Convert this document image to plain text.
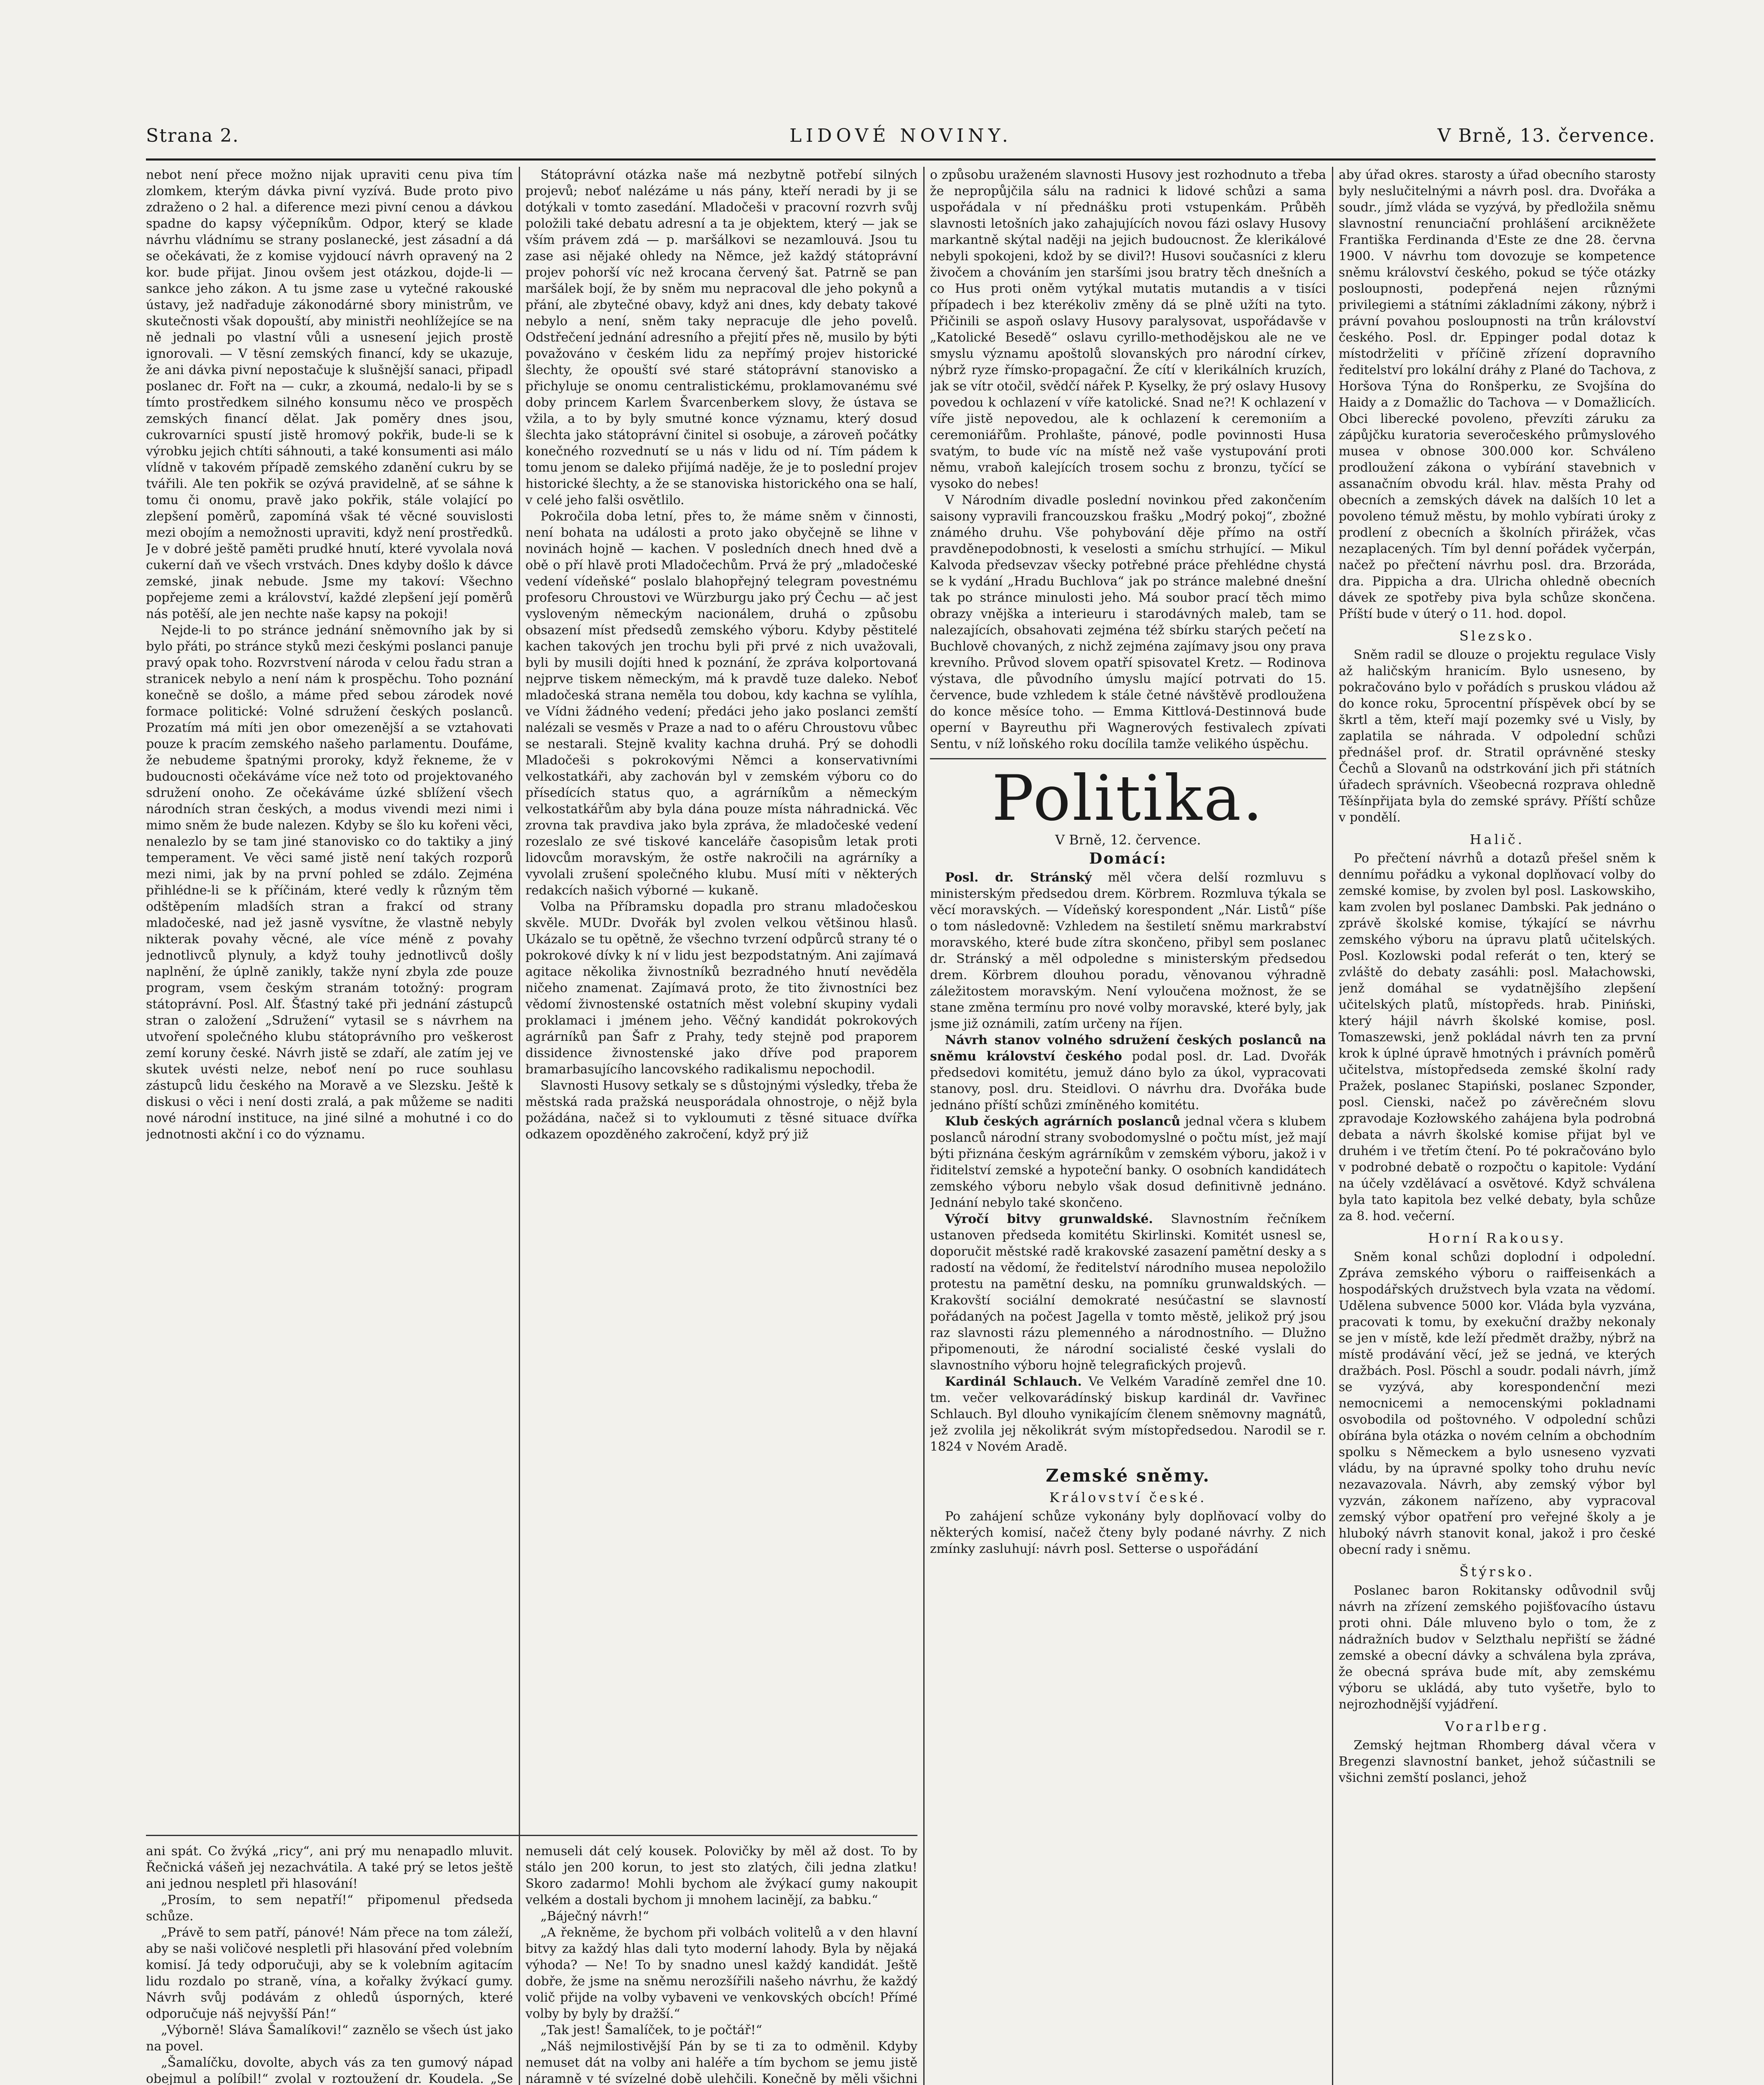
Strana 2.	LIDOVÉ NOVINY.	V Brně, 13. července.

nebot není přece možno nijak upraviti cenu piva tím zlomkem, kterým dávka pivní vyzívá. Bude proto pivo zdraženo o 2 hal. a diference mezi pivní cenou a dávkou spadne do kapsy výčepníkům. Odpor, který se klade návrhu vládnímu se strany poslanecké, jest zásadní a dá se očekávati, že z komise vyjdoucí návrh opravený na 2 kor. bude přijat. Jinou ovšem jest otázkou, dojde-li — sankce jeho zákon. A tu jsme zase u vytečné rakouské ústavy, jež nadřaduje zákonodárné sbory ministrům, ve skutečnosti však dopouští, aby ministři neohlížejíce se na ně jednali po vlastní vůli a usnesení jejich prostě ignorovali. — V těsní zemských financí, kdy se ukazuje, že ani dávka pivní nepostačuje k slušnější sanaci, připadl poslanec dr. Fořt na — cukr, a zkoumá, nedalo-li by se s tímto prostředkem silného konsumu něco ve prospěch zemských financí dělat. Jak poměry dnes jsou, cukrovarníci spustí jistě hromový pokřik, bude-li se k výrobku jejich chtíti sáhnouti, a také konsumenti asi málo vlídně v takovém případě zemského zdanění cukru by se tvářili. Ale ten pokřik se ozývá pravidelně, ať se sáhne k tomu či onomu, pravě jako pokřik, stále volající po zlepšení poměrů, zapomíná však té věcné souvislosti mezi obojím a nemožnosti upraviti, když není prostředků. Je v dobré ještě paměti prudké hnutí, které vyvolala nová cukerní daň ve všech vrstvách. Dnes kdyby došlo k dávce zemské, jinak nebude. Jsme my takoví: Všechno popřejeme zemi a království, každé zlepšení její poměrů nás potěší, ale jen nechte naše kapsy na pokoji!

Nejde-li to po stránce jednání sněmovního jak by si bylo přáti, po stránce styků mezi českými poslanci panuje pravý opak toho. Rozvrstvení národa v celou řadu stran a stranicek nebylo a není nám k prospěchu. Toho poznání konečně se došlo, a máme před sebou zárodek nové formace politické: Volné sdružení českých poslanců. Prozatím má míti jen obor omezenější a se vztahovati pouze k pracím zemského našeho parlamentu. Doufáme, že nebudeme špatnými proroky, když řekneme, že v budoucnosti očekáváme více než toto od projektovaného sdružení onoho. Ze očekáváme úzké sblížení všech národních stran českých, a modus vivendi mezi nimi i mimo sněm že bude nalezen. Kdyby se šlo ku kořeni věci, nenalezlo by se tam jiné stanovisko co do taktiky a jiný temperament. Ve věci samé jistě není takých rozporů mezi nimi, jak by na první pohled se zdálo. Zejména přihlédne-li se k příčinám, které vedly k různým těm odštěpením mladších stran a frakcí od strany mladočeské, nad jež jasně vysvítne, že vlastně nebyly nikterak povahy věcné, ale více méně z povahy jednotlivců plynuly, a když touhy jednotlivců došly naplnění, že úplně zanikly, takže nyní zbyla zde pouze program, vsem českým stranám totožný: program státoprávní. Posl. Alf. Šťastný také při jednání zástupců stran o založení „Sdružení“ vytasil se s návrhem na utvoření společného klubu státoprávního pro veškerost zemí koruny české. Návrh jistě se zdaří, ale zatím jej ve skutek uvésti nelze, neboť není po ruce souhlasu zástupců lidu českého na Moravě a ve Slezsku. Ještě k diskusi o věci i není dosti zralá, a pak můžeme se naditi nové národní instituce, na jiné silné a mohutné i co do jednotnosti akční i co do významu.

Státoprávní otázka naše má nezbytně potřebí silných projevů; neboť nalézáme u nás pány, kteří neradi by ji se dotýkali v tomto zasedání. Mladočeši v pracovní rozvrh svůj položili také debatu adresní a ta je objektem, který — jak se vším právem zdá — p. maršálkovi se nezamlouvá. Jsou tu zase asi nějaké ohledy na Němce, jež každý státoprávní projev pohorší víc než krocana červený šat. Patrně se pan maršálek bojí, že by sněm mu nepracoval dle jeho pokynů a přání, ale zbytečné obavy, když ani dnes, kdy debaty takové nebylo a není, sněm taky nepracuje dle jeho povelů. Odstřečení jednání adresního a přejití přes ně, musilo by býti považováno v českém lidu za nepřímý projev historické šlechty, že opouští své staré státoprávní stanovisko a přichyluje se onomu centralistickému, proklamovanému své doby princem Karlem Švarcenberkem slovy, že ústava se vžila, a to by byly smutné konce významu, který dosud šlechta jako státoprávní činitel si osobuje, a zároveň počátky konečného rozvednutí se u nás v lidu od ní. Tím pádem k tomu jenom se daleko přijímá naděje, že je to poslední projev historické šlechty, a že se stanoviska historického ona se halí, v celé jeho falši osvětlilo.

Pokročila doba letní, přes to, že máme sněm v činnosti, není bohata na události a proto jako obyčejně se lihne v novinách hojně — kachen. V posledních dnech hned dvě a obě o pří hlavě proti Mladočechům. Prvá že prý „mladočeské vedení vídeňské“ poslalo blahopřejný telegram povestnému profesoru Chroustovi ve Würzburgu jako prý Čechu — ač jest vysloveným německým nacionálem, druhá o způsobu obsazení míst předsedů zemského výboru. Kdyby pěstitelé kachen takových jen trochu byli při prvé z nich uvažovali, byli by musili dojíti hned k poznání, že zpráva kolportovaná nejprve tiskem německým, má k pravdě tuze daleko. Neboť mladočeská strana neměla tou dobou, kdy kachna se vylíhla, ve Vídni žádného vedení; předáci jeho jako poslanci zemští nalézali se vesměs v Praze a nad to o aféru Chroustovu vůbec se nestarali. Stejně kvality kachna druhá. Prý se dohodli Mladočeši s pokrokovými Němci a konservativními velkostatkáři, aby zachován byl v zemském výboru co do přísedících status quo, a agrárníkům a německým velkostatkářům aby byla dána pouze místa náhradnická. Věc zrovna tak pravdiva jako byla zpráva, že mladočeské vedení rozeslalo ze své tiskové kanceláře časopisům letak proti lidovcům moravským, že ostře nakročili na agrárníky a vyvolali zrušení společného klubu. Musí míti v některých redakcích našich výborné — kukaně.

Volba na Příbramsku dopadla pro stranu mladočeskou skvěle. MUDr. Dvořák byl zvolen velkou většinou hlasů. Ukázalo se tu opětně, že všechno tvrzení odpůrců strany té o pokrokové dívky k ní v lidu jest bezpodstatným. Ani zajímavá agitace několika živnostníků bezradného hnutí nevěděla ničeho znamenat. Zajímavá proto, že tito živnostníci bez vědomí živnostenské ostatních měst volební skupiny vydali proklamaci i jménem jeho. Věčný kandidát pokrokových agrárníků pan Šafr z Prahy, tedy stejně pod praporem dissidence živnostenské jako dříve pod praporem bramarbasujícího lancovského radikalismu nepochodil.

Slavnosti Husovy setkaly se s důstojnými výsledky, třeba že městská rada pražská neusporádala ohnostroje, o nějž byla požádána, načež si to vykloumuti z těsné situace dvířka odkazem opozděného zakročení, když prý již

o způsobu uraženém slavnosti Husovy jest rozhodnuto a třeba že nepropůjčila sálu na radnici k lidové schůzi a sama uspořádala v ní přednášku proti vstupenkám. Průběh slavnosti letošních jako zahajujících novou fázi oslavy Husovy markantně skýtal naději na jejich budoucnost. Že klerikálové nebyli spokojeni, kdož by se divil?! Husovi současníci z kleru živočem a chováním jen staršími jsou bratry těch dnešních a co Hus proti oněm vytýkal mutatis mutandis a v tisíci případech i bez kterékoliv změny dá se plně užíti na tyto. Přičinili se aspoň oslavy Husovy paralysovat, uspořádavše v „Katolické Besedě“ oslavu cyrillo-methodějskou ale ne ve smyslu významu apoštolů slovanských pro národní církev, nýbrž ryze římsko-propagační. Že cítí v klerikálních kruzích, jak se vítr otočil, svědčí nářek P. Kyselky, že prý oslavy Husovy povedou k ochlazení v víře katolické. Snad ne?! K ochlazení v víře jistě nepovedou, ale k ochlazení k ceremoniím a ceremoniářům. Prohlašte, pánové, podle povinnosti Husa svatým, to bude víc na místě než vaše vystupování proti němu, vraboň kalejících trosem sochu z bronzu, tyčící se vysoko do nebes!

V Národním divadle poslední novinkou před zakončením saisony vypravili francouzskou frašku „Modrý pokoj“, zbožné známého druhu. Vše pohybování děje přímo na ostří pravděnepodobnosti, k veselosti a smíchu strhující. — Mikul Kalvoda předsevzav všecky potřebné práce přehlédne chystá se k vydání „Hradu Buchlova“ jak po stránce malebné dnešní tak po stránce minulosti jeho. Má soubor prací těch mimo obrazy vnějška a interieuru i starodávných maleb, tam se nalezajících, obsahovati zejména též sbírku starých pečetí na Buchlově chovaných, z nichž zejména zajímavy jsou ony prava krevního. Průvod slovem opatří spisovatel Kretz. — Rodinova výstava, dle původního úmyslu mající potrvati do 15. července, bude vzhledem k stále četné návštěvě prodloužena do konce měsíce toho. — Emma Kittlová-Destinnová bude operní v Bayreuthu při Wagnerových festivalech zpívati Sentu, v níž loňského roku docílila tamže velikého úspěchu.

Politika.
V Brně, 12. července.
Domácí:

Posl. dr. Stránský měl včera delší rozmluvu s ministerským předsedou drem. Körbrem. Rozmluva týkala se věcí moravských. — Vídeňský korespondent „Nár. Listů“ píše o tom následovně: Vzhledem na šestiletí sněmu markrabství moravského, které bude zítra skončeno, přibyl sem poslanec dr. Stránský a měl odpoledne s ministerským předsedou drem. Körbrem dlouhou poradu, věnovanou výhradně záležitostem moravským. Není vyloučena možnost, že se stane změna termínu pro nové volby moravské, které byly, jak jsme již oznámili, zatím určeny na říjen.

Návrh stanov volného sdružení českých poslanců na sněmu království českého podal posl. dr. Lad. Dvořák předsedovi komitétu, jemuž dáno bylo za úkol, vypracovati stanovy, posl. dru. Steidlovi. O návrhu dra. Dvořáka bude jednáno příští schůzi zmíněného komitétu.

Klub českých agrárních poslanců jednal včera s klubem poslanců národní strany svobodomyslné o počtu míst, jež mají býti přiznána českým agrárníkům v zemském výboru, jakož i v řiditelství zemské a hypoteční banky. O osobních kandidátech zemského výboru nebylo však dosud definitivně jednáno. Jednání nebylo také skončeno.

Výročí bitvy grunwaldské. Slavnostním řečníkem ustanoven předseda komitétu Skirlinski. Komitét usnesl se, doporučit městské radě krakovské zasazení pamětní desky a s radostí na vědomí, že ředitelství národního musea nepoložilo protestu na pamětní desku, na pomníku grunwaldských. — Krakovští sociální demokraté nesúčastní se slavností pořádaných na počest Jagella v tomto městě, jelikož prý jsou raz slavnosti rázu plemenného a národnostního. — Dlužno připomenouti, že národní socialisté české vyslali do slavnostního výboru hojně telegrafických projevů.

Kardinál Schlauch. Ve Velkém Varadíně zemřel dne 10. tm. večer velkovarádínský biskup kardinál dr. Vavřinec Schlauch. Byl dlouho vynikajícím členem sněmovny magnátů, jež zvolila jej několikrát svým místopředsedou. Narodil se r. 1824 v Novém Aradě.

Zemské sněmy.
Království české.

Po zahájení schůze vykonány byly doplňovací volby do některých komisí, načež čteny byly podané návrhy. Z nich zmínky zasluhují: návrh posl. Setterse o uspořádání

aby úřad okres. starosty a úřad obecního starosty byly neslučitelnými a návrh posl. dra. Dvořáka a soudr., jímž vláda se vyzývá, by předložila sněmu slavnostní renunciační prohlášení arcikněžete Františka Ferdinanda d'Este ze dne 28. června 1900. V návrhu tom dovozuje se kompetence sněmu království českého, pokud se týče otázky posloupnosti, podepřená nejen různými privilegiemi a státními základními zákony, nýbrž i právní povahou posloupnosti na trůn království českého. Posl. dr. Eppinger podal dotaz k místodrželiti v příčině zřízení dopravního ředitelství pro lokální dráhy z Plané do Tachova, z Horšova Týna do Ronšperku, ze Svojšína do Haidy a z Domažlic do Tachova — v Domažlicích. Obci liberecké povoleno, převzíti záruku za zápůjčku kuratoria severočeského průmyslového musea v obnose 300.000 kor. Schváleno prodloužení zákona o vybírání stavebnich v assanačním obvodu král. hlav. města Prahy od obecních a zemských dávek na dalších 10 let a povoleno témuž městu, by mohlo vybírati úroky z prodlení z obecních a školních přirážek, včas nezaplacených. Tím byl denní pořádek vyčerpán, načež po přečtení návrhu posl. dra. Brzoráda, dra. Pippicha a dra. Ulricha ohledně obecních dávek ze spotřeby piva byla schůze skončena. Příští bude v úterý o 11. hod. dopol.

Slezsko.

Sněm radil se dlouze o projektu regulace Visly až haličským hranicím. Bylo usneseno, by pokračováno bylo v pořádích s pruskou vládou až do konce roku, 5procentní příspěvek obcí by se škrtl a těm, kteří mají pozemky své u Visly, by zaplatila se náhrada. V odpolední schůzi přednášel prof. dr. Stratil oprávněné stesky Čechů a Slovanů na odstrkování jich při státních úřadech správních. Všeobecná rozprava ohledně Těšínpřijata byla do zemské správy. Příští schůze v pondělí.

Halič.

Po přečtení návrhů a dotazů přešel sněm k dennímu pořádku a vykonal doplňovací volby do zemské komise, by zvolen byl posl. Laskowskiho, kam zvolen byl poslanec Dambski. Pak jednáno o zprávě školské komise, týkající se návrhu zemského výboru na úpravu platů učitelských. Posl. Kozlowski podal referát o ten, který se zvláště do debaty zasáhli: posl. Małachowski, jenž domáhal se vydatnějšího zlepšení učitelských platů, místopředs. hrab. Piniński, který hájil návrh školské komise, posl. Tomaszewski, jenž pokládal návrh ten za první krok k úplné úpravě hmotných i právních poměrů učitelstva, místopředseda zemské školní rady Pražek, poslanec Stapiński, poslanec Szponder, posl. Cienski, načež po závěrečném slovu zpravodaje Kozłowského zahájena byla podrobná debata a návrh školské komise přijat byl ve druhém i ve třetím čtení. Po té pokračováno bylo v podrobné debatě o rozpočtu o kapitole: Vydání na účely vzdělávací a osvětové. Když schválena byla tato kapitola bez velké debaty, byla schůze za 8. hod. večerní.

Horní Rakousy.

Sněm konal schůzi doplodní i odpolední. Zpráva zemského výboru o raiffeisenkách a hospodářských družstvech byla vzata na vědomí. Udělena subvence 5000 kor. Vláda byla vyzvána, pracovati k tomu, by exekuční dražby nekonaly se jen v místě, kde leží předmět dražby, nýbrž na místě prodávání věcí, jež se jedná, ve kterých dražbách. Posl. Pöschl a soudr. podali návrh, jímž se vyzývá, aby korespondenční mezi nemocnicemi a nemocenskými pokladnami osvobodila od poštovného. V odpolední schůzi obírána byla otázka o novém celním a obchodním spolku s Německem a bylo usneseno vyzvati vládu, by na úpravné spolky toho druhu nevíc nezavazovala. Návrh, aby zemský výbor byl vyzván, zákonem nařízeno, aby vypracoval zemský výbor opatření pro veřejné školy a je hluboký návrh stanovit konal, jakož i pro české obecní rady i sněmu.

Štýrsko.

Poslanec baron Rokitansky odůvodnil svůj návrh na zřízení zemského pojišťovacího ústavu proti ohni. Dále mluveno bylo o tom, že z nádražních budov v Selzthalu nepřiští se žádné zemské a obecní dávky a schválena byla zpráva, že obecná správa bude mít, aby zemskému výboru se ukládá, aby tuto vyšetře, bylo to nejrozhodnější vyjádření.

Vorarlberg.

Zemský hejtman Rhomberg dával včera v Bregenzi slavnostní banket, jehož súčastnili se všichni zemští poslanci, jehož

ani spát. Co žvýká „ricy“, ani prý mu nenapadlo mluvit. Řečnická vášeň jej nezachvátila. A také prý se letos ještě ani jednou nespletl při hlasování!

„Prosím, to sem nepatří!“ připomenul předseda schůze.

„Právě to sem patří, pánové! Nám přece na tom záleží, aby se naši voličové nespletli při hlasování před volebním komisí. Já tedy odporučuji, aby se k volebním agitacím lidu rozdalo po straně, vína, a kořalky žvýkací gumy. Návrh svůj podávám z ohledů úsporných, které odporučuje náš nejvyšší Pán!“

„Výborně! Sláva Šamalíkovi!“ zaznělo se všech úst jako na povel.

„Šamalíčku, dovolte, abych vás za ten gumový nápad obejmul a políbil!“ zvolal v roztoužení dr. Koudela. „Se

nemuseli dát celý kousek. Polovičky by měl až dost. To by stálo jen 200 korun, to jest sto zlatých, čili jedna zlatku! Skoro zadarmo! Mohli bychom ale žvýkací gumy nakoupit velkém a dostali bychom ji mnohem lacinějí, za babku.“

„Báječný návrh!“

„A řekněme, že bychom při volbách volitelů a v den hlavní bitvy za každý hlas dali tyto moderní lahody. Byla by nějaká výhoda? — Ne! To by snadno unesl každý kandidát. Ještě dobře, že jsme na sněmu nerozšířili našeho návrhu, že každý volič přijde na volby vybaveni ve venkovských obcích! Přímé volby by byly by dražší.“

„Tak jest! Šamalíček, to je počtář!“

„Náš nejmilostivější Pán by se ti za to odměnil. Kdyby nemuset dát na volby ani haléře a tím bychom se jemu jistě náramně v té svízelné době ulehčili. Konečně by měli všichni
